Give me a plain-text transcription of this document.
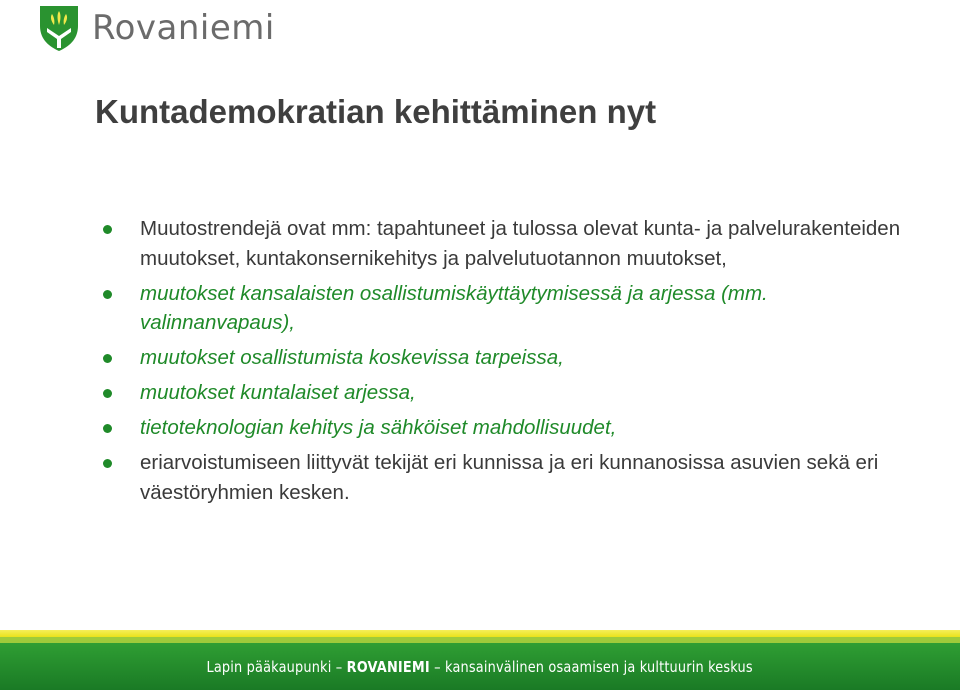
Rovaniemi
Kuntademokratian kehittäminen nyt
Muutostrendejä ovat mm: tapahtuneet ja tulossa olevat kunta- ja palvelurakenteiden muutokset, kuntakonsernikehitys ja palvelutuotannon muutokset,
muutokset kansalaisten osallistumiskäyttäytymisessä ja arjessa (mm. valinnanvapaus),
muutokset osallistumista koskevissa tarpeissa,
muutokset kuntalaiset arjessa,
tietoteknologian kehitys ja sähköiset mahdollisuudet,
eriarvoistumiseen liittyvät tekijät eri kunnissa ja eri kunnanosissa asuvien sekä eri väestöryhmien kesken.
Lapin pääkaupunki – ROVANIEMI – kansainvälinen osaamisen ja kulttuurin keskus
